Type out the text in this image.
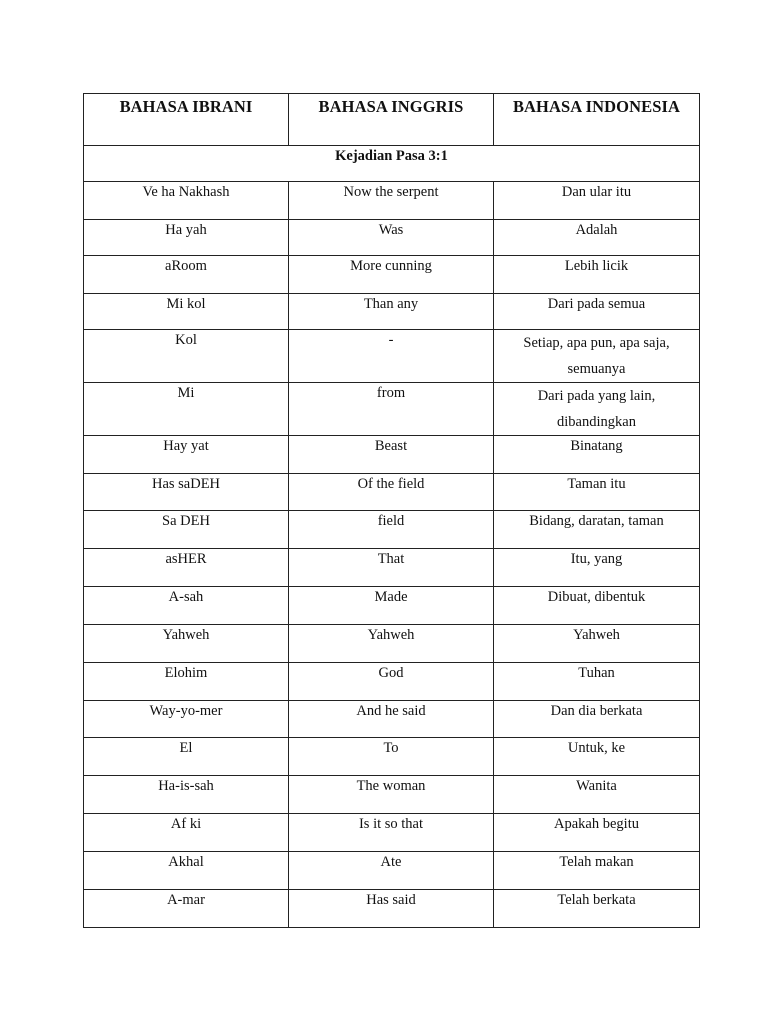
BAHASA IBRANI	BAHASA INGGRIS	BAHASA INDONESIA
Kejadian Pasa 3:1		
Ve ha Nakhash	Now the serpent	Dan ular itu
Ha yah	Was	Adalah
aRoom	More cunning	Lebih licik
Mi kol	Than any	Dari pada semua
Kol	-	Setiap, apa pun, apa saja, semuanya
Mi	from	Dari pada yang lain, dibandingkan
Hay yat	Beast	Binatang
Has saDEH	Of the field	Taman itu
Sa DEH	field	Bidang, daratan, taman
asHER	That	Itu, yang
A-sah	Made	Dibuat, dibentuk
Yahweh	Yahweh	Yahweh
Elohim	God	Tuhan
Way-yo-mer	And he said	Dan dia berkata
El	To	Untuk, ke
Ha-is-sah	The woman	Wanita
Af ki	Is it so that	Apakah begitu
Akhal	Ate	Telah makan
A-mar	Has said	Telah berkata
